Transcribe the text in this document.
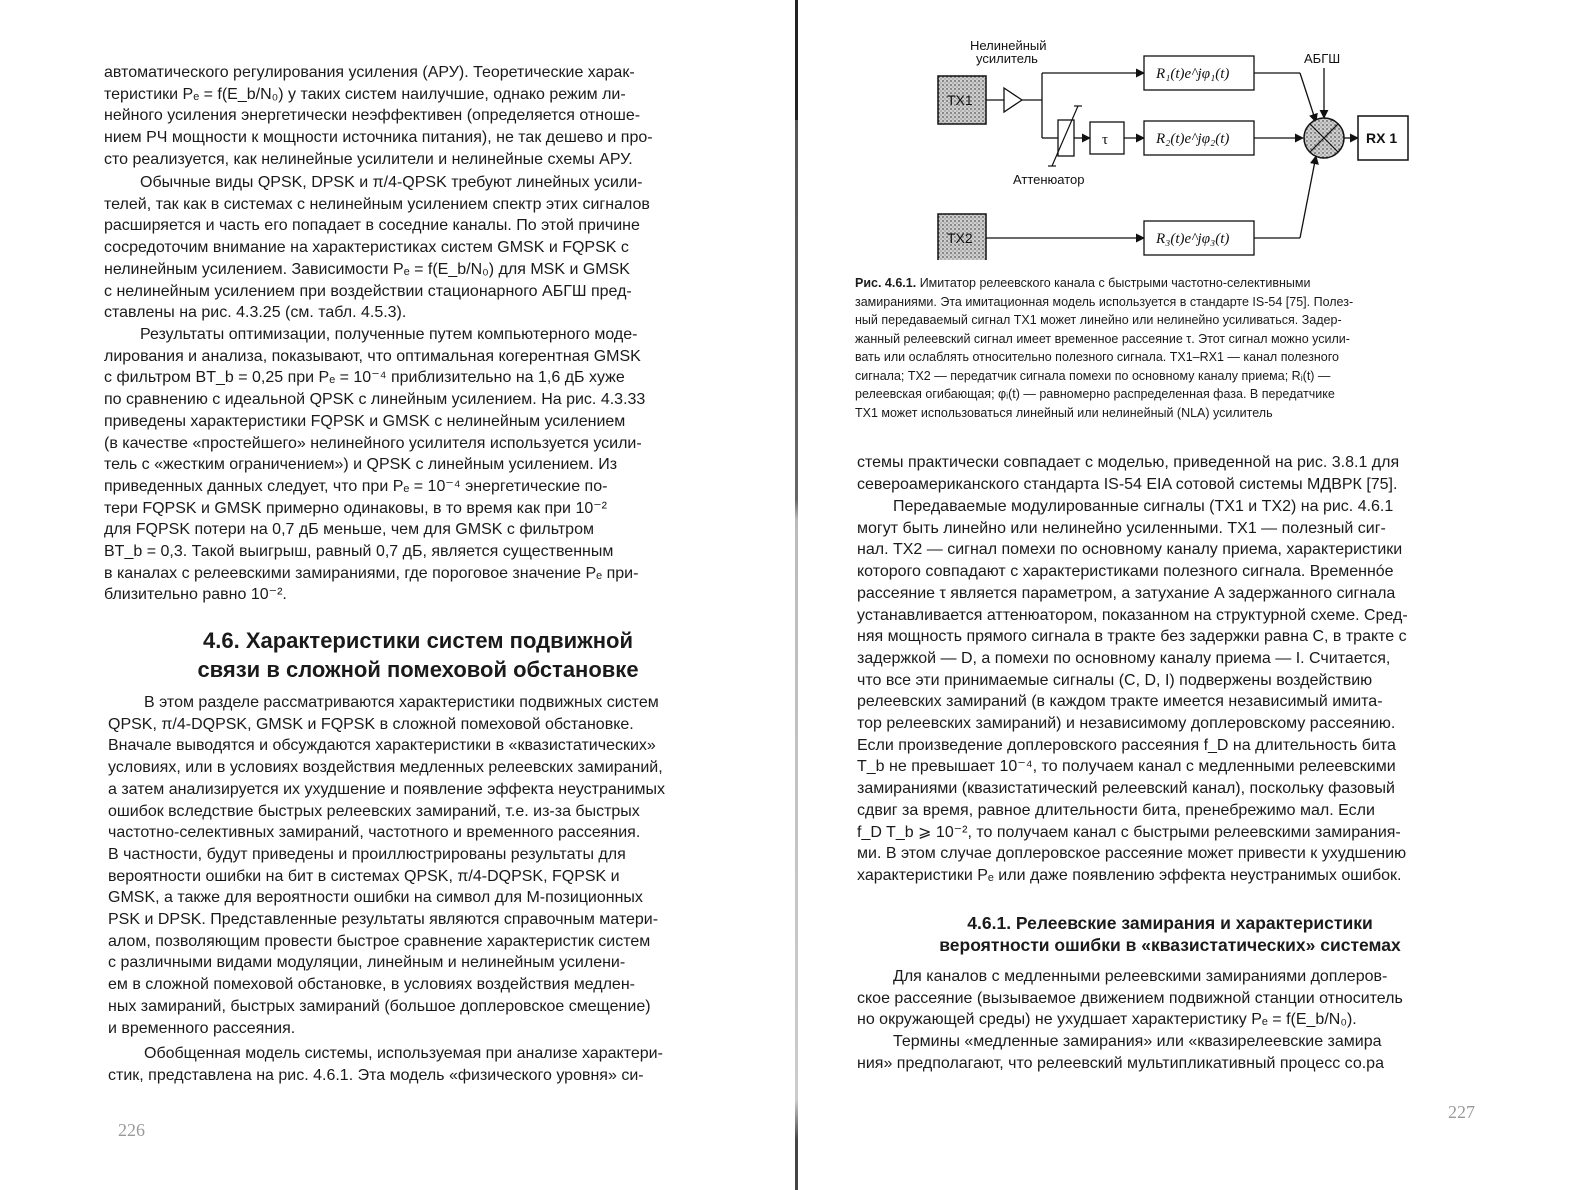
автоматического регулирования усиления (АРУ). Теоретические харак-
теристики Pₑ = f(E_b/N₀) у таких систем наилучшие, однако режим ли-
нейного усиления энергетически неэффективен (определяется отноше-
нием РЧ мощности к мощности источника питания), не так дешево и про-
сто реализуется, как нелинейные усилители и нелинейные схемы АРУ.
Обычные виды QPSK, DPSK и π/4-QPSK требуют линейных усили-
телей, так как в системах с нелинейным усилением спектр этих сигналов
расширяется и часть его попадает в соседние каналы. По этой причине
сосредоточим внимание на характеристиках систем GMSK и FQPSK с
нелинейным усилением. Зависимости Pₑ = f(E_b/N₀) для MSK и GMSK
с нелинейным усилением при воздействии стационарного АБГШ пред-
ставлены на рис. 4.3.25 (см. табл. 4.5.3).
Результаты оптимизации, полученные путем компьютерного моде-
лирования и анализа, показывают, что оптимальная когерентная GMSK
с фильтром BT_b = 0,25 при Pₑ = 10⁻⁴ приблизительно на 1,6 дБ хуже
по сравнению с идеальной QPSK с линейным усилением. На рис. 4.3.33
приведены характеристики FQPSK и GMSK с нелинейным усилением
(в качестве «простейшего» нелинейного усилителя используется усили-
тель с «жестким ограничением») и QPSK с линейным усилением. Из
приведенных данных следует, что при Pₑ = 10⁻⁴ энергетические по-
тери FQPSK и GMSK примерно одинаковы, в то время как при 10⁻²
для FQPSK потери на 0,7 дБ меньше, чем для GMSK с фильтром
BT_b = 0,3. Такой выигрыш, равный 0,7 дБ, является существенным
в каналах с релеевскими замираниями, где пороговое значение Pₑ при-
близительно равно 10⁻².
4.6. Характеристики систем подвижной
связи в сложной помеховой обстановке
В этом разделе рассматриваются характеристики подвижных систем
QPSK, π/4-DQPSK, GMSK и FQPSK в сложной помеховой обстановке.
Вначале выводятся и обсуждаются характеристики в «квазистатических»
условиях, или в условиях воздействия медленных релеевских замираний,
а затем анализируется их ухудшение и появление эффекта неустранимых
ошибок вследствие быстрых релеевских замираний, т.е. из-за быстрых
частотно-селективных замираний, частотного и временного рассеяния.
В частности, будут приведены и проиллюстрированы результаты для
вероятности ошибки на бит в системах QPSK, π/4-DQPSK, FQPSK и
GMSK, а также для вероятности ошибки на символ для M-позиционных
PSK и DPSK. Представленные результаты являются справочным матери-
алом, позволяющим провести быстрое сравнение характеристик систем
с различными видами модуляции, линейным и нелинейным усилени-
ем в сложной помеховой обстановке, в условиях воздействия медлен-
ных замираний, быстрых замираний (большое доплеровское смещение)
и временного рассеяния.
Обобщенная модель системы, используемая при анализе характери-
стик, представлена на рис. 4.6.1. Эта модель «физического уровня» си-
226
Нелинейный
усилитель	АБГШ
Аттенюатор
TX1
τ
R₁(t)e^jφ₁(t)
R₂(t)e^jφ₂(t)
R₃(t)e^jφ₃(t)
TX2
RX 1
Рис. 4.6.1. Имитатор релеевского канала с быстрыми частотно-селективными
замираниями. Эта имитационная модель используется в стандарте IS-54 [75]. Полез-
ный передаваемый сигнал TX1 может линейно или нелинейно усиливаться. Задер-
жанный релеевский сигнал имеет временное рассеяние τ. Этот сигнал можно усили-
вать или ослаблять относительно полезного сигнала. TX1–RX1 — канал полезного
сигнала; TX2 — передатчик сигнала помехи по основному каналу приема; Rᵢ(t) —
релеевская огибающая; φᵢ(t) — равномерно распределенная фаза. В передатчике
TX1 может использоваться линейный или нелинейный (NLA) усилитель
стемы практически совпадает с моделью, приведенной на рис. 3.8.1 для
североамериканского стандарта IS-54 EIA сотовой системы МДВРК [75].
Передаваемые модулированные сигналы (TX1 и TX2) на рис. 4.6.1
могут быть линейно или нелинейно усиленными. TX1 — полезный сиг-
нал. TX2 — сигнал помехи по основному каналу приема, характеристики
которого совпадают с характеристиками полезного сигнала. Временнóе
рассеяние τ является параметром, а затухание A задержанного сигнала
устанавливается аттенюатором, показанном на структурной схеме. Сред-
няя мощность прямого сигнала в тракте без задержки равна C, в тракте с
задержкой — D, а помехи по основному каналу приема — I. Считается,
что все эти принимаемые сигналы (C, D, I) подвержены воздействию
релеевских замираний (в каждом тракте имеется независимый имита-
тор релеевских замираний) и независимому доплеровскому рассеянию.
Если произведение доплеровского рассеяния f_D на длительность бита
T_b не превышает 10⁻⁴, то получаем канал с медленными релеевскими
замираниями (квазистатический релеевский канал), поскольку фазовый
сдвиг за время, равное длительности бита, пренебрежимо мал. Если
f_D T_b ⩾ 10⁻², то получаем канал с быстрыми релеевскими замирания-
ми. В этом случае доплеровское рассеяние может привести к ухудшению
характеристики Pₑ или даже появлению эффекта неустранимых ошибок.
4.6.1. Релеевские замирания и характеристики
вероятности ошибки в «квазистатических» системах
Для каналов с медленными релеевскими замираниями доплеров-
ское рассеяние (вызываемое движением подвижной станции относитель
но окружающей среды) не ухудшает характеристику Pₑ = f(E_b/N₀).
Термины «медленные замирания» или «квазирелеевские замира
ния» предполагают, что релеевский мультипликативный процесс со.ра
227
